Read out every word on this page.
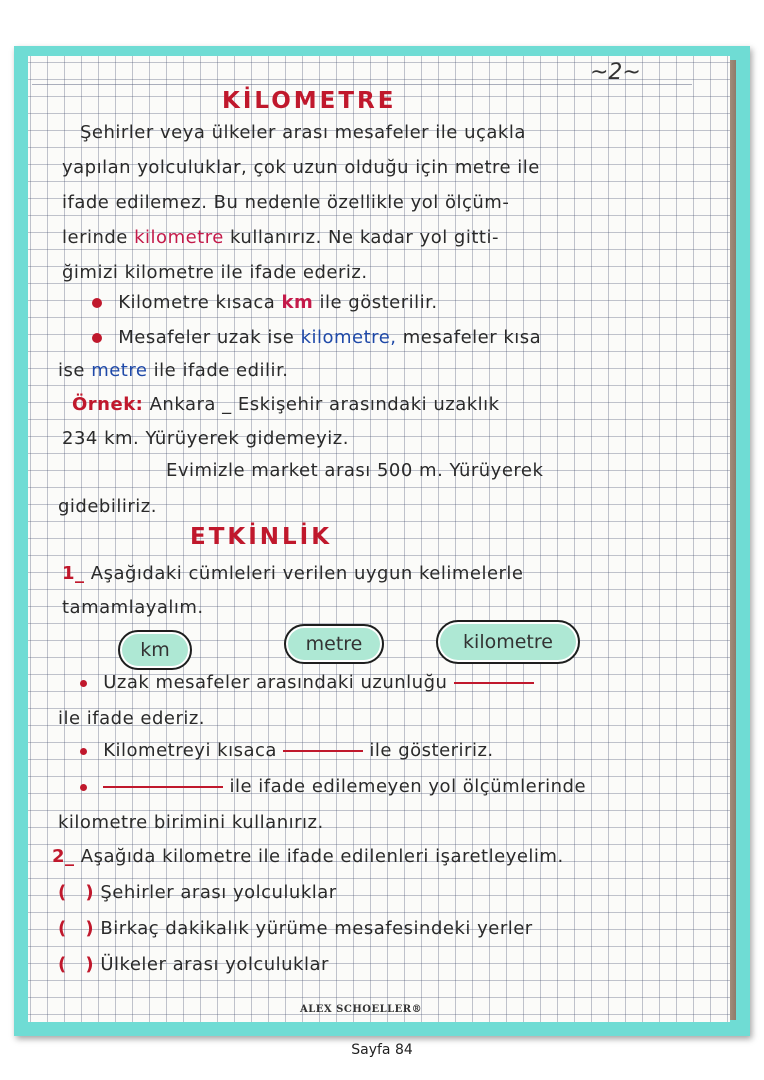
~2~
KİLOMETRE
Şehirler veya ülkeler arası mesafeler ile uçakla
yapılan yolculuklar, çok uzun olduğu için metre ile
ifade edilemez. Bu nedenle özellikle yol ölçüm-
lerinde kilometre kullanırız. Ne kadar yol gitti-
ğimizi kilometre ile ifade ederiz.
Kilometre kısaca km ile gösterilir.
Mesafeler uzak ise kilometre, mesafeler kısa
ise metre ile ifade edilir.
Örnek: Ankara _ Eskişehir arasındaki uzaklık
234 km. Yürüyerek gidemeyiz.
Evimizle market arası 500 m. Yürüyerek
gidebiliriz.
ETKİNLİK
1_ Aşağıdaki cümleleri verilen uygun kelimelerle
tamamlayalım.
km	metre	kilometre
Uzak mesafeler arasındaki uzunluğu
ile ifade ederiz.
Kilometreyi kısaca	ile gösteririz.
ile ifade edilemeyen yol ölçümlerinde
kilometre birimini kullanırız.
2_ Aşağıda kilometre ile ifade edilenleri işaretleyelim.
( ) Şehirler arası yolculuklar
( ) Birkaç dakikalık yürüme mesafesindeki yerler
( ) Ülkeler arası yolculuklar
ALEX SCHOELLER®
Sayfa 84
